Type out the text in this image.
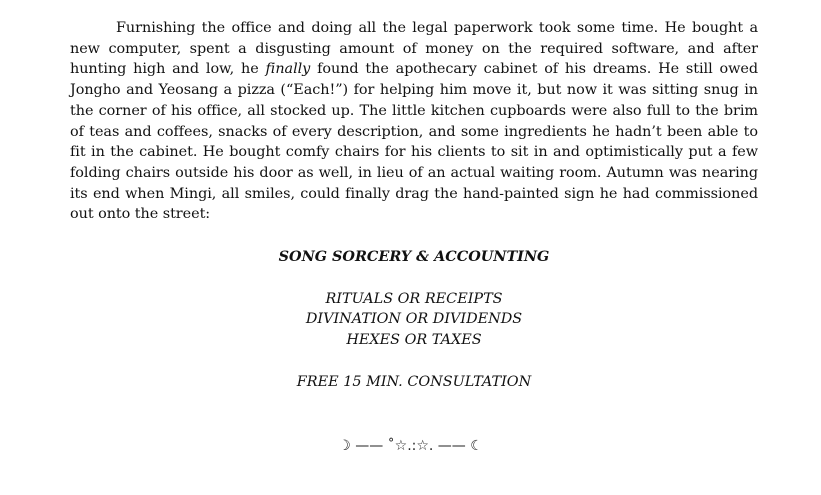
Furnishing the office and doing all the legal paperwork took some time. He bought a new computer, spent a disgusting amount of money on the required software, and after hunting high and low, he finally found the apothecary cabinet of his dreams. He still owed Jongho and Yeosang a pizza (“Each!”) for helping him move it, but now it was sitting snug in the corner of his office, all stocked up. The little kitchen cupboards were also full to the brim of teas and coffees, snacks of every description, and some ingredients he hadn’t been able to fit in the cabinet. He bought comfy chairs for his clients to sit in and optimistically put a few folding chairs outside his door as well, in lieu of an actual waiting room. Autumn was nearing its end when Mingi, all smiles, could finally drag the hand-painted sign he had commissioned out onto the street:

SONG SORCERY & ACCOUNTING
RITUALS OR RECEIPTS
DIVINATION OR DIVIDENDS
HEXES OR TAXES
FREE 15 MIN. CONSULTATION
☽ —— ˚☆.:☆. —— ☾
